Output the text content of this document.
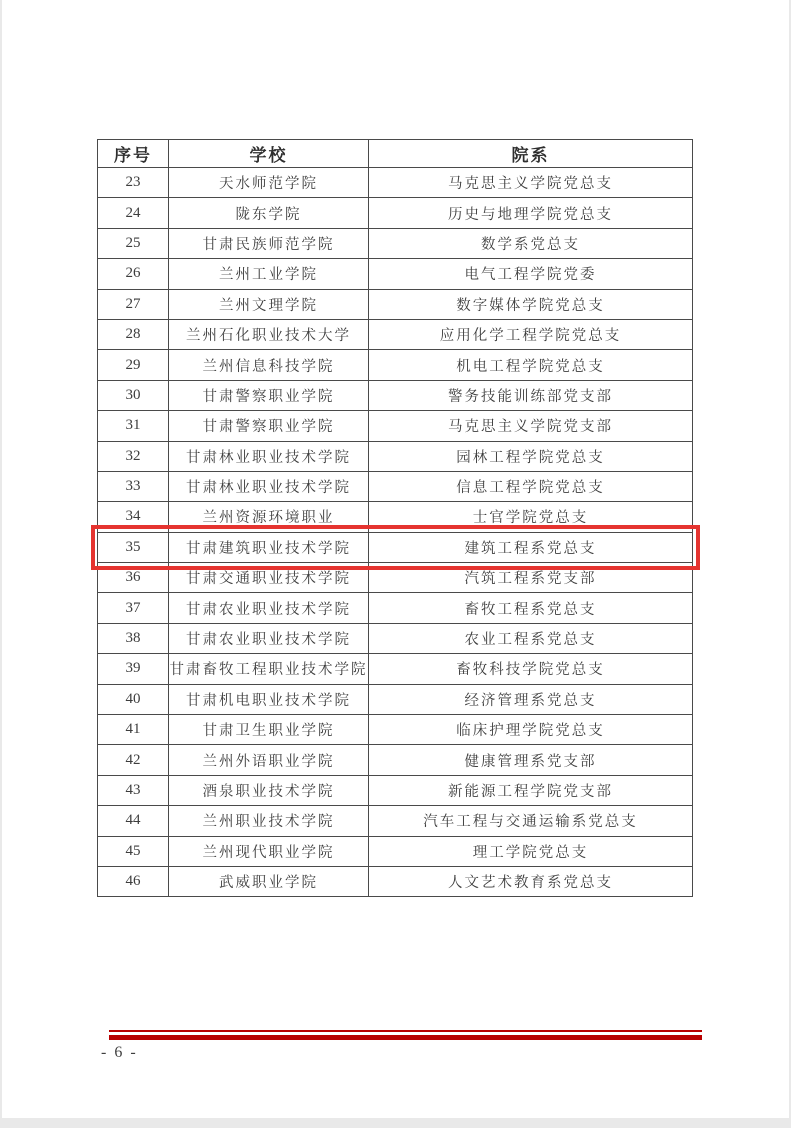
序号	学校	院系
23	天水师范学院	马克思主义学院党总支
24	陇东学院	历史与地理学院党总支
25	甘肃民族师范学院	数学系党总支
26	兰州工业学院	电气工程学院党委
27	兰州文理学院	数字媒体学院党总支
28	兰州石化职业技术大学	应用化学工程学院党总支
29	兰州信息科技学院	机电工程学院党总支
30	甘肃警察职业学院	警务技能训练部党支部
31	甘肃警察职业学院	马克思主义学院党支部
32	甘肃林业职业技术学院	园林工程学院党总支
33	甘肃林业职业技术学院	信息工程学院党总支
34	兰州资源环境职业	士官学院党总支
35	甘肃建筑职业技术学院	建筑工程系党总支
36	甘肃交通职业技术学院	汽筑工程系党支部
37	甘肃农业职业技术学院	畜牧工程系党总支
38	甘肃农业职业技术学院	农业工程系党总支
39	甘肃畜牧工程职业技术学院	畜牧科技学院党总支
40	甘肃机电职业技术学院	经济管理系党总支
41	甘肃卫生职业学院	临床护理学院党总支
42	兰州外语职业学院	健康管理系党支部
43	酒泉职业技术学院	新能源工程学院党支部
44	兰州职业技术学院	汽车工程与交通运输系党总支
45	兰州现代职业学院	理工学院党总支
46	武威职业学院	人文艺术教育系党总支
- 6 -
